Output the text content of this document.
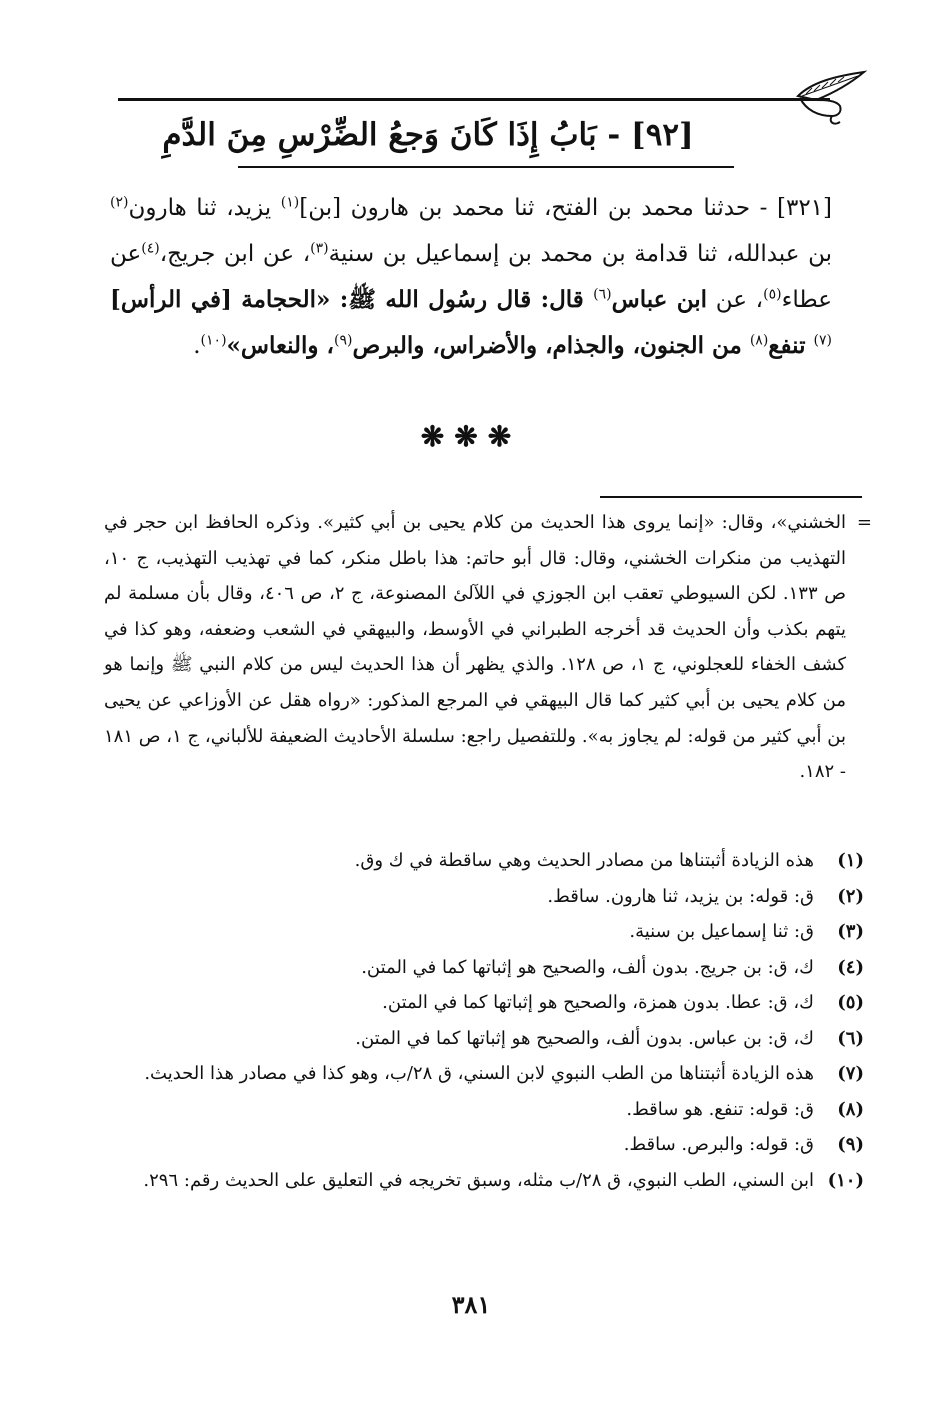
[٩٢] - بَابُ إِذَا كَانَ وَجعُ الضِّرْسِ مِنَ الدَّمِ
[٣٢١] - حدثنا محمد بن الفتح، ثنا محمد بن هارون [بن]$^{(١)}$ يزيد، ثنا هارون$^{(٢)}$ بن عبدالله، ثنا قدامة بن محمد بن إسماعيل بن سنية$^{(٣)}$، عن ابن جريج،$^{(٤)}$عن عطاء$^{(٥)}$، عن ابن عباس$^{(٦)}$ قال: قال رسُول الله ﷺ: «الحجامة [في الرأس]$^{(٧)}$ تنفع$^{(٨)}$ من الجنون، والجذام، والأضراس، والبرص$^{(٩)}$، والنعاس»$^{(١٠)}$.
❋❋❋
=
الخشني»، وقال: «إنما يروى هذا الحديث من كلام يحيى بن أبي كثير». وذكره الحافظ ابن حجر في التهذيب من منكرات الخشني، وقال: قال أبو حاتم: هذا باطل منكر، كما في تهذيب التهذيب، ج ١٠، ص ١٣٣. لكن السيوطي تعقب ابن الجوزي في اللآلئ المصنوعة، ج ٢، ص ٤٠٦، وقال بأن مسلمة لم يتهم بكذب وأن الحديث قد أخرجه الطبراني في الأوسط، والبيهقي في الشعب وضعفه، وهو كذا في كشف الخفاء للعجلوني، ج ١، ص ١٢٨. والذي يظهر أن هذا الحديث ليس من كلام النبي ﷺ وإنما هو من كلام يحيى بن أبي كثير كما قال البيهقي في المرجع المذكور: «رواه هقل عن الأوزاعي عن يحيى بن أبي كثير من قوله: لم يجاوز به». وللتفصيل راجع: سلسلة الأحاديث الضعيفة للألباني، ج ١، ص ١٨١ - ١٨٢.
(١)
هذه الزيادة أثبتناها من مصادر الحديث وهي ساقطة في ك وق.
(٢)
ق: قوله: بن يزيد، ثنا هارون. ساقط.
(٣)
ق: ثنا إسماعيل بن سنية.
(٤)
ك، ق: بن جريج. بدون ألف، والصحيح هو إثباتها كما في المتن.
(٥)
ك، ق: عطا. بدون همزة، والصحيح هو إثباتها كما في المتن.
(٦)
ك، ق: بن عباس. بدون ألف، والصحيح هو إثباتها كما في المتن.
(٧)
هذه الزيادة أثبتناها من الطب النبوي لابن السني، ق ٢٨/ب، وهو كذا في مصادر هذا الحديث.
(٨)
ق: قوله: تنفع. هو ساقط.
(٩)
ق: قوله: والبرص. ساقط.
(١٠)
ابن السني، الطب النبوي، ق ٢٨/ب مثله، وسبق تخريجه في التعليق على الحديث رقم: ٢٩٦.
٣٨١
